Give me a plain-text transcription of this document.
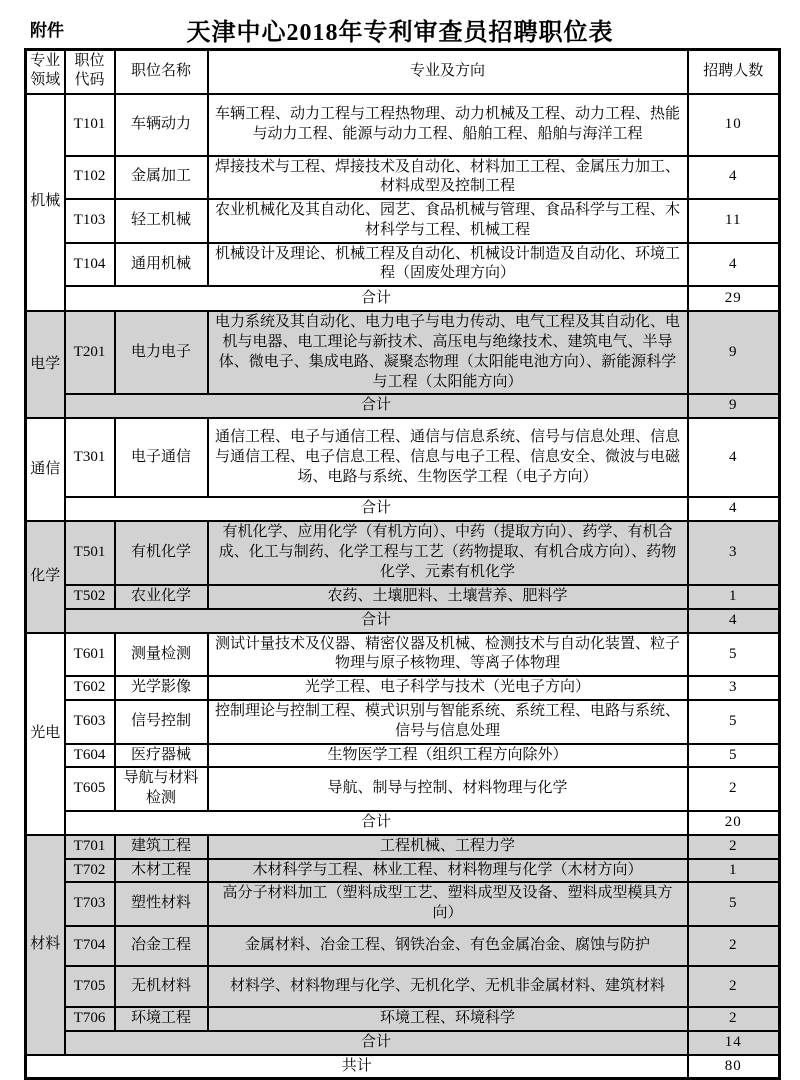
附件	天津中心2018年专利审查员招聘职位表
专业领域	职位代码	职位名称	专业及方向	招聘人数
机械	T101	车辆动力	车辆工程、动力工程与工程热物理、动力机械及工程、动力工程、热能与动力工程、能源与动力工程、船舶工程、船舶与海洋工程	10
	T102	金属加工	焊接技术与工程、焊接技术及自动化、材料加工工程、金属压力加工、材料成型及控制工程	4
	T103	轻工机械	农业机械化及其自动化、园艺、食品机械与管理、食品科学与工程、木材科学与工程、机械工程	11
	T104	通用机械	机械设计及理论、机械工程及自动化、机械设计制造及自动化、环境工程（固废处理方向）	4
	合计			29
电学	T201	电力电子	电力系统及其自动化、电力电子与电力传动、电气工程及其自动化、电机与电器、电工理论与新技术、高压电与绝缘技术、建筑电气、半导体、微电子、集成电路、凝聚态物理（太阳能电池方向）、新能源科学与工程（太阳能方向）	9
	合计			9
通信	T301	电子通信	通信工程、电子与通信工程、通信与信息系统、信号与信息处理、信息与通信工程、电子信息工程、信息与电子工程、信息安全、微波与电磁场、电路与系统、生物医学工程（电子方向）	4
	合计			4
化学	T501	有机化学	有机化学、应用化学（有机方向）、中药（提取方向）、药学、有机合成、化工与制药、化学工程与工艺（药物提取、有机合成方向）、药物化学、元素有机化学	3
	T502	农业化学	农药、土壤肥料、土壤营养、肥料学	1
	合计			4
光电	T601	测量检测	测试计量技术及仪器、精密仪器及机械、检测技术与自动化装置、粒子物理与原子核物理、等离子体物理	5
	T602	光学影像	光学工程、电子科学与技术（光电子方向）	3
	T603	信号控制	控制理论与控制工程、模式识别与智能系统、系统工程、电路与系统、信号与信息处理	5
	T604	医疗器械	生物医学工程（组织工程方向除外）	5
	T605	导航与材料检测	导航、制导与控制、材料物理与化学	2
	合计			20
材料	T701	建筑工程	工程机械、工程力学	2
	T702	木材工程	木材科学与工程、林业工程、材料物理与化学（木材方向）	1
	T703	塑性材料	高分子材料加工（塑料成型工艺、塑料成型及设备、塑料成型模具方向）	5
	T704	冶金工程	金属材料、冶金工程、钢铁冶金、有色金属冶金、腐蚀与防护	2
	T705	无机材料	材料学、材料物理与化学、无机化学、无机非金属材料、建筑材料	2
	T706	环境工程	环境工程、环境科学	2
	合计			14
共计				80
